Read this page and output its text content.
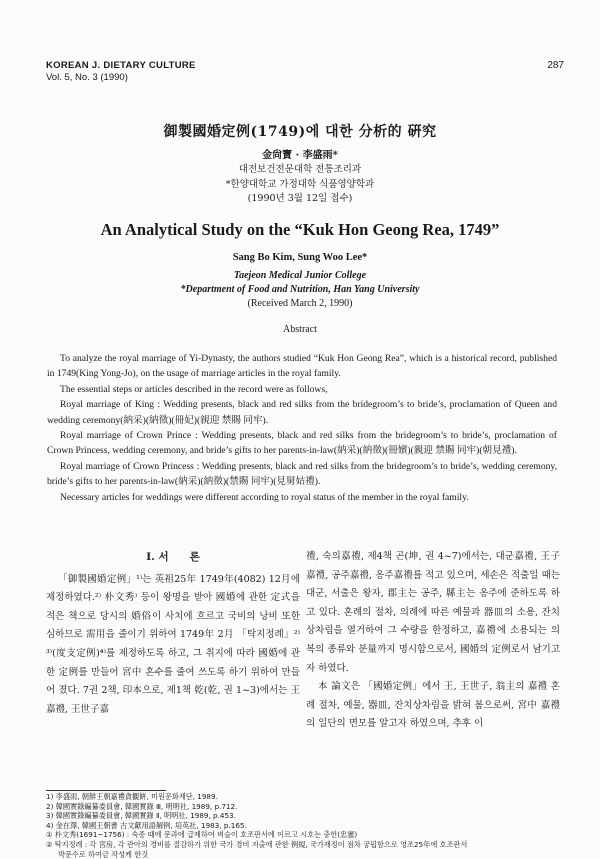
KOREAN J. DIETARY CULTURE
Vol. 5, No. 3 (1990)
287
御製國婚定例(1749)에 대한 分析的 硏究
金尙寶 · 李盛雨*
대전보건전문대학 전통조리과
*한양대학교 가정대학 식품영양학과
(1990년 3월 12일 접수)
An Analytical Study on the “Kuk Hon Geong Rea, 1749”
Sang Bo Kim, Sung Woo Lee*
Taejeon Medical Junior College
*Department of Food and Nutrition, Han Yang University
(Received March 2, 1990)
Abstract

To analyze the royal marriage of Yi-Dynasty, the authors studied “Kuk Hon Geong Rea”, which is a historical record, published in 1749(King Yong-Jo), on the usage of marriage articles in the royal family.

The essential steps or articles described in the record were as follows,

Royal marriage of King : Wedding presents, black and red silks from the bridegroom’s to bride’s, proclamation of Queen and wedding ceremony(納采)(納徵)(冊妃)(親迎 禁賜 同牢).

Royal marriage of Crown Prince : Wedding presents, black and red silks from the bridegroom’s to bride’s, proclamation of Crown Princess, wedding ceremony, and bride’s gifts to her parents-in-law(納采)(納徵)(冊嬪)(親迎 禁賜 同牢)(朝見禮).

Royal marriage of Crown Princess : Wedding presents, black and red silks from the bridegroom’s to bride’s, wedding ceremony, bride’s gifts to her parents-in-law(納采)(納徵)(禁賜 同牢)(見舅姑禮).

Necessary articles for weddings were different according to royal status of the member in the royal family.

I. 서　　론

「御製國婚定例」¹⁾는 英祖25年 1749年(4082) 12月에 제정하였다.²⁾ 朴文秀⁾ 등이 왕명을 받아 國婚에 관한 定式을 적은 책으로 당시의 婚俗이 사치에 흐르고 국비의 낭비 또한 심하므로 需用을 줄이기 위하여 1749年 2月 「탁지정례」²⁾³⁾(度支定例)⁴⁾를 제정하도록 하고, 그 취지에 따라 國婚에 관한 定例를 만들어 宮中 혼수를 줄여 쓰도록 하기 위하여 만들어 졌다. 7권 2책, 印本으로, 제1책 乾(乾, 권 1~3)에서는 王嘉禮, 王世子嘉

禮, 숙의嘉禮, 제4책 곤(坤, 권 4~7)에서는, 대군嘉禮, 王子嘉禮, 공주嘉禮, 옹주嘉禮를 적고 있으며, 세손은 적출일 때는 대군, 서출은 왕자, 郡主는 공주, 縣主는 옹주에 준하도록 하고 있다. 혼례의 절차, 의례에 따른 예물과 器皿의 소용, 잔치상차림을 열거하여 그 수량을 한정하고, 嘉禮에 소용되는 의복의 종류와 분量까지 명시함으로서, 國婚의 定例로서 남기고자 하였다.

本 論文은 「國婚定例」에서 王, 王世子, 翁主의 嘉禮 혼례 절차, 예물, 器皿, 잔치상차림을 밝혀 봄으로써, 宮中 嘉禮의 일단의 면모를 알고자 하였으며, 추후 이

1) 李盛雨, 朝鮮王朝嘉禮貪觀餠, 미원문화재단, 1989.
2) 韓國實錄編纂委員會, 韓國實錄 Ⅲ, 明明社, 1989, p.712.
3) 韓國實錄編纂委員會, 韓國實錄 Ⅱ, 明明社, 1989, p.453.
4) 金在澤, 韓國王朝書 古文獻用語解例, 培英社, 1983, p.165.
① 朴文秀(1691~1756) : 숙종 때에 문과에 급제하여 벼슬이 호조판서에 이르고 시호는 충헌(忠憲)
② 탁지정례 : 각 宮房, 각 관아의 경비를 절감하기 위한 국가 경비 지출에 관한 例規, 국가재정이 점차 궁핍함으로 영조25年에 호조판서
박문수로 하여금 작성케 한것
